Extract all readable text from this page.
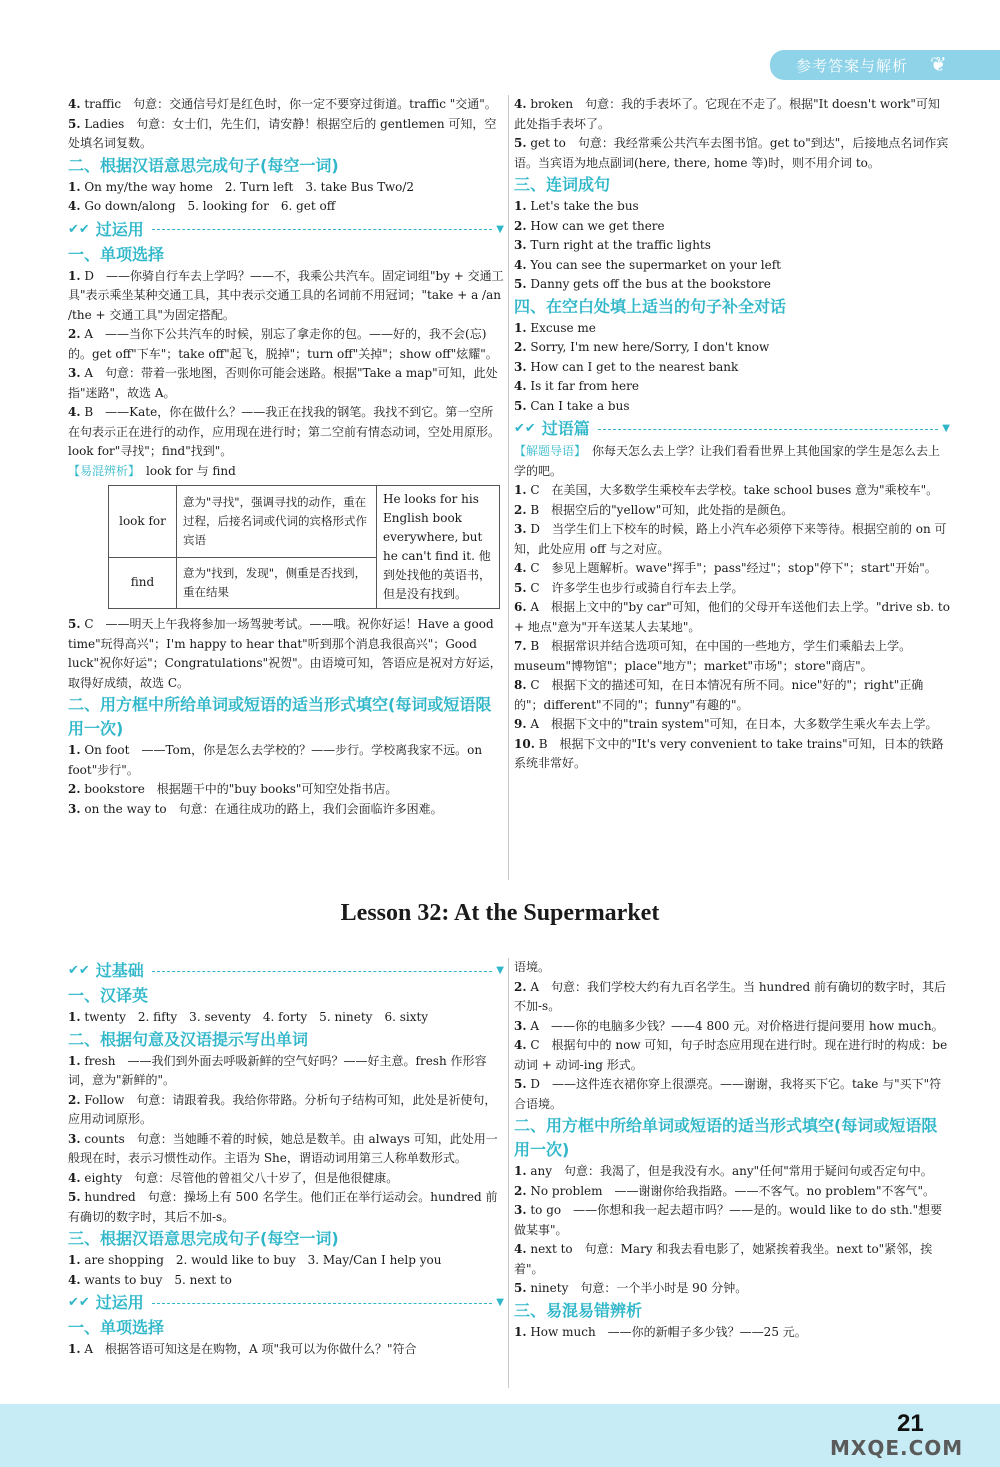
参考答案与解析 ❦
4. traffic　句意：交通信号灯是红色时，你一定不要穿过街道。traffic "交通"。
5. Ladies　句意：女士们，先生们，请安静！根据空后的 gentlemen 可知，空处填名词复数。
二、根据汉语意思完成句子(每空一词)
1. On my/the way home　2. Turn left　3. take Bus Two/2
4. Go down/along　5. looking for　6. get off
✔✔ 过运用	▼
一、单项选择
1. D　——你骑自行车去上学吗？——不，我乘公共汽车。固定词组"by + 交通工具"表示乘坐某种交通工具，其中表示交通工具的名词前不用冠词；"take + a /an /the + 交通工具"为固定搭配。
2. A　——当你下公共汽车的时候，别忘了拿走你的包。——好的，我不会(忘)的。get off"下车"；take off"起飞，脱掉"；turn off"关掉"；show off"炫耀"。
3. A　句意：带着一张地图，否则你可能会迷路。根据"Take a map"可知，此处指"迷路"，故选 A。
4. B　——Kate，你在做什么？——我正在找我的钢笔。我找不到它。第一空所在句表示正在进行的动作，应用现在进行时；第二空前有情态动词，空处用原形。look for"寻找"；find"找到"。
【易混辨析】　look for 与 find
look for	意为"寻找"，强调寻找的动作，重在过程，后接名词或代词的宾格形式作宾语	He looks for his English book everywhere, but he can't find it. 他到处找他的英语书，但是没有找到。
find	意为"找到，发现"，侧重是否找到，重在结果	
5. C　——明天上午我将参加一场驾驶考试。——哦。祝你好运！Have a good time"玩得高兴"；I'm happy to hear that"听到那个消息我很高兴"；Good luck"祝你好运"；Congratulations"祝贺"。由语境可知，答语应是祝对方好运，取得好成绩，故选 C。
二、用方框中所给单词或短语的适当形式填空(每词或短语限用一次)
1. On foot　——Tom，你是怎么去学校的？——步行。学校离我家不远。on foot"步行"。
2. bookstore　根据题干中的"buy books"可知空处指书店。
3. on the way to　句意：在通往成功的路上，我们会面临许多困难。
4. broken　句意：我的手表坏了。它现在不走了。根据"It doesn't work"可知此处指手表坏了。
5. get to　句意：我经常乘公共汽车去图书馆。get to"到达"，后接地点名词作宾语。当宾语为地点副词(here, there, home 等)时，则不用介词 to。
三、连词成句
1. Let's take the bus
2. How can we get there
3. Turn right at the traffic lights
4. You can see the supermarket on your left
5. Danny gets off the bus at the bookstore
四、在空白处填上适当的句子补全对话
1. Excuse me
2. Sorry, I'm new here/Sorry, I don't know
3. How can I get to the nearest bank
4. Is it far from here
5. Can I take a bus
✔✔ 过语篇	▼
【解题导语】　你每天怎么去上学？让我们看看世界上其他国家的学生是怎么去上学的吧。
1. C　在美国，大多数学生乘校车去学校。take school buses 意为"乘校车"。
2. B　根据空后的"yellow"可知，此处指的是颜色。
3. D　当学生们上下校车的时候，路上小汽车必须停下来等待。根据空前的 on 可知，此处应用 off 与之对应。
4. C　参见上题解析。wave"挥手"；pass"经过"；stop"停下"；start"开始"。
5. C　许多学生也步行或骑自行车去上学。
6. A　根据上文中的"by car"可知，他们的父母开车送他们去上学。"drive sb. to + 地点"意为"开车送某人去某地"。
7. B　根据常识并结合选项可知，在中国的一些地方，学生们乘船去上学。museum"博物馆"；place"地方"；market"市场"；store"商店"。
8. C　根据下文的描述可知，在日本情况有所不同。nice"好的"；right"正确的"；different"不同的"；funny"有趣的"。
9. A　根据下文中的"train system"可知，在日本，大多数学生乘火车去上学。
10. B　根据下文中的"It's very convenient to take trains"可知，日本的铁路系统非常好。
Lesson 32: At the Supermarket
✔✔ 过基础	▼
一、汉译英
1. twenty　2. fifty　3. seventy　4. forty　5. ninety　6. sixty
二、根据句意及汉语提示写出单词
1. fresh　——我们到外面去呼吸新鲜的空气好吗？——好主意。fresh 作形容词，意为"新鲜的"。
2. Follow　句意：请跟着我。我给你带路。分析句子结构可知，此处是祈使句，应用动词原形。
3. counts　句意：当她睡不着的时候，她总是数羊。由 always 可知，此处用一般现在时，表示习惯性动作。主语为 She，谓语动词用第三人称单数形式。
4. eighty　句意：尽管他的曾祖父八十岁了，但是他很健康。
5. hundred　句意：操场上有 500 名学生。他们正在举行运动会。hundred 前有确切的数字时，其后不加-s。
三、根据汉语意思完成句子(每空一词)
1. are shopping　2. would like to buy　3. May/Can I help you
4. wants to buy　5. next to
✔✔ 过运用	▼
一、单项选择
1. A　根据答语可知这是在购物，A 项"我可以为你做什么？"符合
语境。
2. A　句意：我们学校大约有九百名学生。当 hundred 前有确切的数字时，其后不加-s。
3. A　——你的电脑多少钱？——4 800 元。对价格进行提问要用 how much。
4. C　根据句中的 now 可知，句子时态应用现在进行时。现在进行时的构成：be 动词 + 动词-ing 形式。
5. D　——这件连衣裙你穿上很漂亮。——谢谢，我将买下它。take 与"买下"符合语境。
二、用方框中所给单词或短语的适当形式填空(每词或短语限用一次)
1. any　句意：我渴了，但是我没有水。any"任何"常用于疑问句或否定句中。
2. No problem　——谢谢你给我指路。——不客气。no problem"不客气"。
3. to go　——你想和我一起去超市吗？——是的。would like to do sth."想要做某事"。
4. next to　句意：Mary 和我去看电影了，她紧挨着我坐。next to"紧邻，挨着"。
5. ninety　句意：一个半小时是 90 分钟。
三、易混易错辨析
1. How much　——你的新帽子多少钱？——25 元。
21
MXQE.COM
